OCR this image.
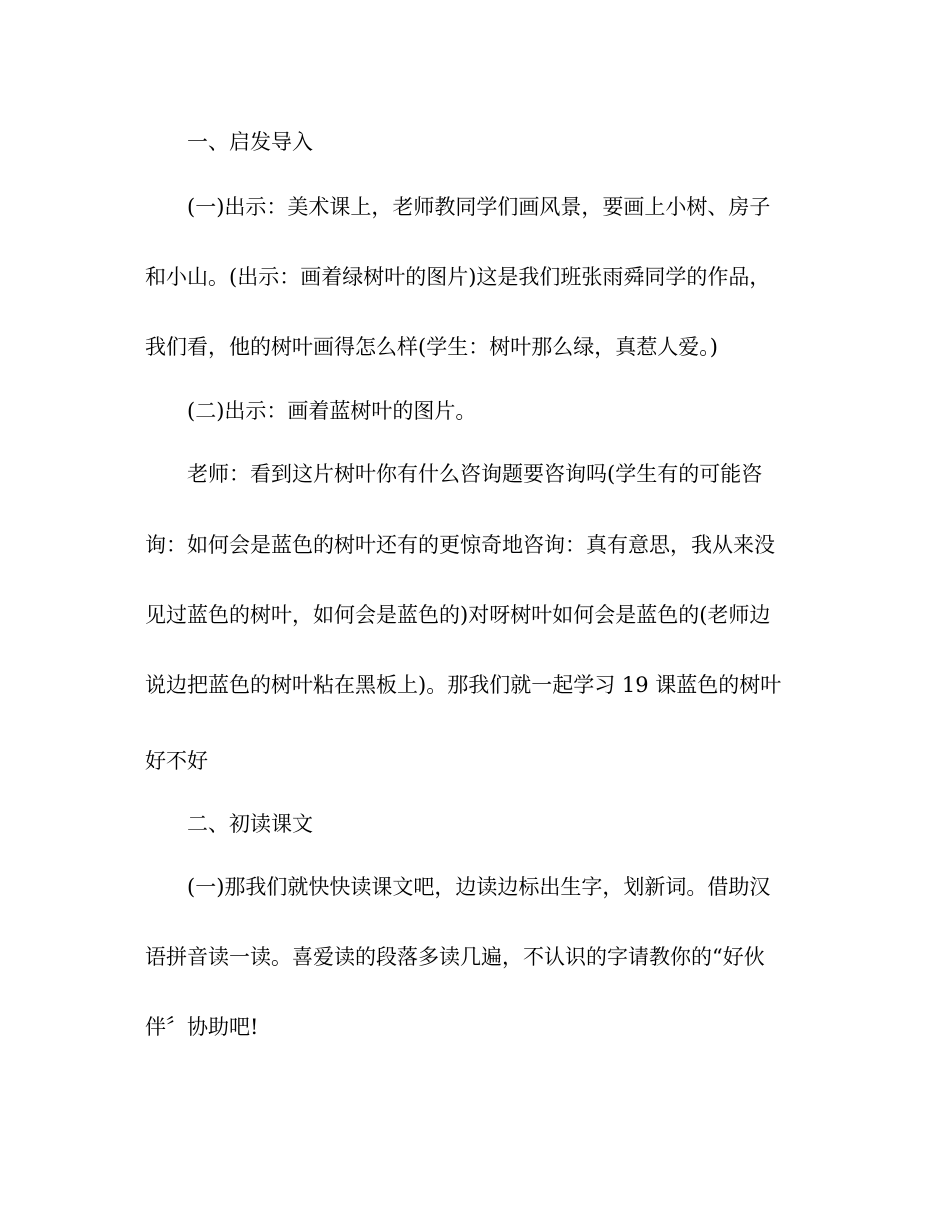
一、启发导入

(一)出示：美术课上，老师教同学们画风景，要画上小树、房子

和小山。(出示：画着绿树叶的图片)这是我们班张雨舜同学的作品，

我们看，他的树叶画得怎么样(学生：树叶那么绿，真惹人爱。)

(二)出示：画着蓝树叶的图片。

老师：看到这片树叶你有什么咨询题要咨询吗(学生有的可能咨

询：如何会是蓝色的树叶还有的更惊奇地咨询：真有意思，我从来没

见过蓝色的树叶，如何会是蓝色的)对呀树叶如何会是蓝色的(老师边

说边把蓝色的树叶粘在黑板上)。那我们就一起学习 19 课蓝色的树叶

好不好

二、初读课文

(一)那我们就快快读课文吧，边读边标出生字，划新词。借助汉

语拼音读一读。喜爱读的段落多读几遍，不认识的字请教你的“好伙

伴〞协助吧!
